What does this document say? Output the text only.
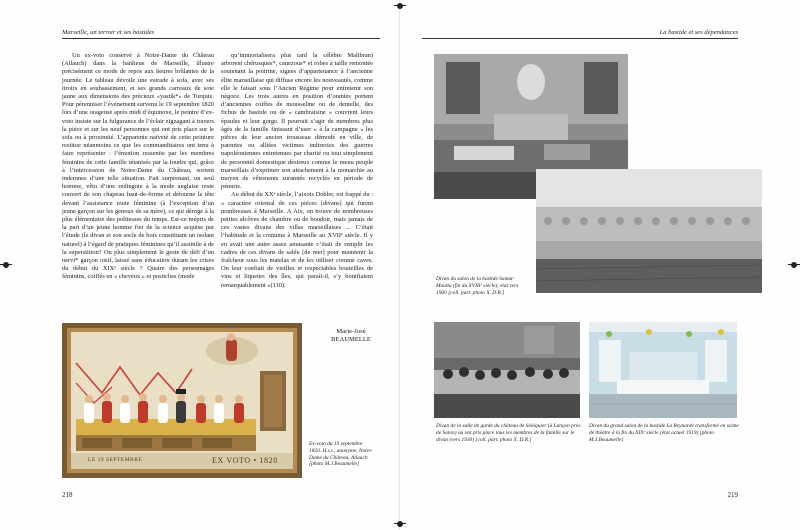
Marseille, un terroir et ses bastides

Un ex-voto conservé à Notre-Dame du Château (Allauch) dans la banlieue de Marseille, illustre précisément ce mode de repos aux heures brûlantes de la journée. Le tableau dévoile une estrade à sofa, avec ses tiroirs en soubassement, et ses grands carreaux de soie jaune aux dimensions des précieux «yastik*» de Turquie. Pour pérenniser l’événement survenu le 19 septembre 1820 lors d’une orageuse après midi d’équinoxe, le peintre d’ex-voto insiste sur la fulgurance de l’éclair zigzagant à travers la pièce et sur les neuf personnes qui ont pris place sur le sofa ou à proximité. L’apparente naïveté de cette peinture restitue néanmoins ce que les commanditaires ont tenu à faire représenter : l’émotion ressentie par les membres féminins de cette famille tétanisés par la foudre qui, grâce à l’intercession de Notre-Dame du Château, sortent indemnes d’une telle situation. Fait surprenant, un seul homme, vêtu d’une redingote à la mode anglaise reste couvert de son chapeau haut-de-forme et détourne la tête devant l’assistance toute féminine (à l’exception d’un jeune garçon sur les genoux de sa mère), ce qui déroge à la plus élémentaire des politesses du temps. Est-ce mépris de la part d’un jeune homme fier de la science acquise par l’étude (le divan et son socle de bois constituant un isolant naturel) à l’égard de pratiques féminines qu’il assimile à de la superstition? Ou plus simplement le geste de défi d’un nervi* garçon oisif, laissé sans éducation durant les crises du début du XIXᵉ siècle ? Quatre des personnages féminins, coiffés en « cheveux » et postiches (mode

qu’immortalisera plus tard la célèbre Malibran) arborent chérusques*, canezous* et robes à taille remontée soutenant la poitrine, signes d’appartenance à l’ancienne élite marseillaise qui diffuse encore les nouveautés, comme elle le faisait sous l’Ancien Régime pour entretenir son négoce. Les trois autres en position d’orantes portent d’anciennes coiffes de mousseline ou de dentelle, des fichus de bastide ou de « cambraisine » couvrent leurs épaules et leur gorge. Il pourrait s’agir de membres plus âgés de la famille finissant d’user « à la campagne » les pièces de leur ancien trousseau démodé en ville, de parentes ou alliées victimes indirectes des guerres napoléoniennes entretenues par charité ou tout simplement de personnel domestique désireux comme le menu peuple marseillais d’exprimer son attachement à la monarchie au moyen de vêtements surannés recyclés en période de pénurie.

Au début du XXᵉ siècle, l’aixois Dobler, est frappé du : « caractère oriental de ces pièces [divans] qui furent nombreuses à Marseille. A Aix, on trouve de nombreuses petites alcôves de chambre ou de boudoir, mais jamais de ces vastes divans des villas marseillaises ... C’était l’habitude et la coutume à Marseille au XVIIᵉ siècle. Il y en avait une autre assez amusante c’était de remplir les cadres de ces divans de sable [de mer] pour maintenir la fraîcheur sous les matelas et de les utiliser comme caves. On leur confiait de vieilles et respectables bouteilles de vins et liqueurs des îles, qui paraît-il, s’y bonifiaient remarquablement »(110).

Marie-José
BEAUMELLE
LE 19 SEPTEMBRE	EX VOTO • 1820
Ex-voto du 19 septembre 1820. H.s.t., anonyme, Notre-Dame du Château, Allauch [photo M.J.Beaumelle]
218
La bastide et ses dépendances
Divan du salon de la bastide Samat-Mouttu (fin du XVIIIᵉ siècle), état vers 1960 [coll. part. photo X. D.R.]
Divan de la salle de garde du château de Séniquier (à Lançon près de Salon) où ont pris place tous les membres de la famille sur le divan (vers 1930) [coll. part. photo X. D.R.]
Divan du grand salon de la bastide La Reynarde transformé en scène de théâtre à la fin du XIXᵉ siècle (état actuel 1919) [photo M.J.Beaumelle]
219
